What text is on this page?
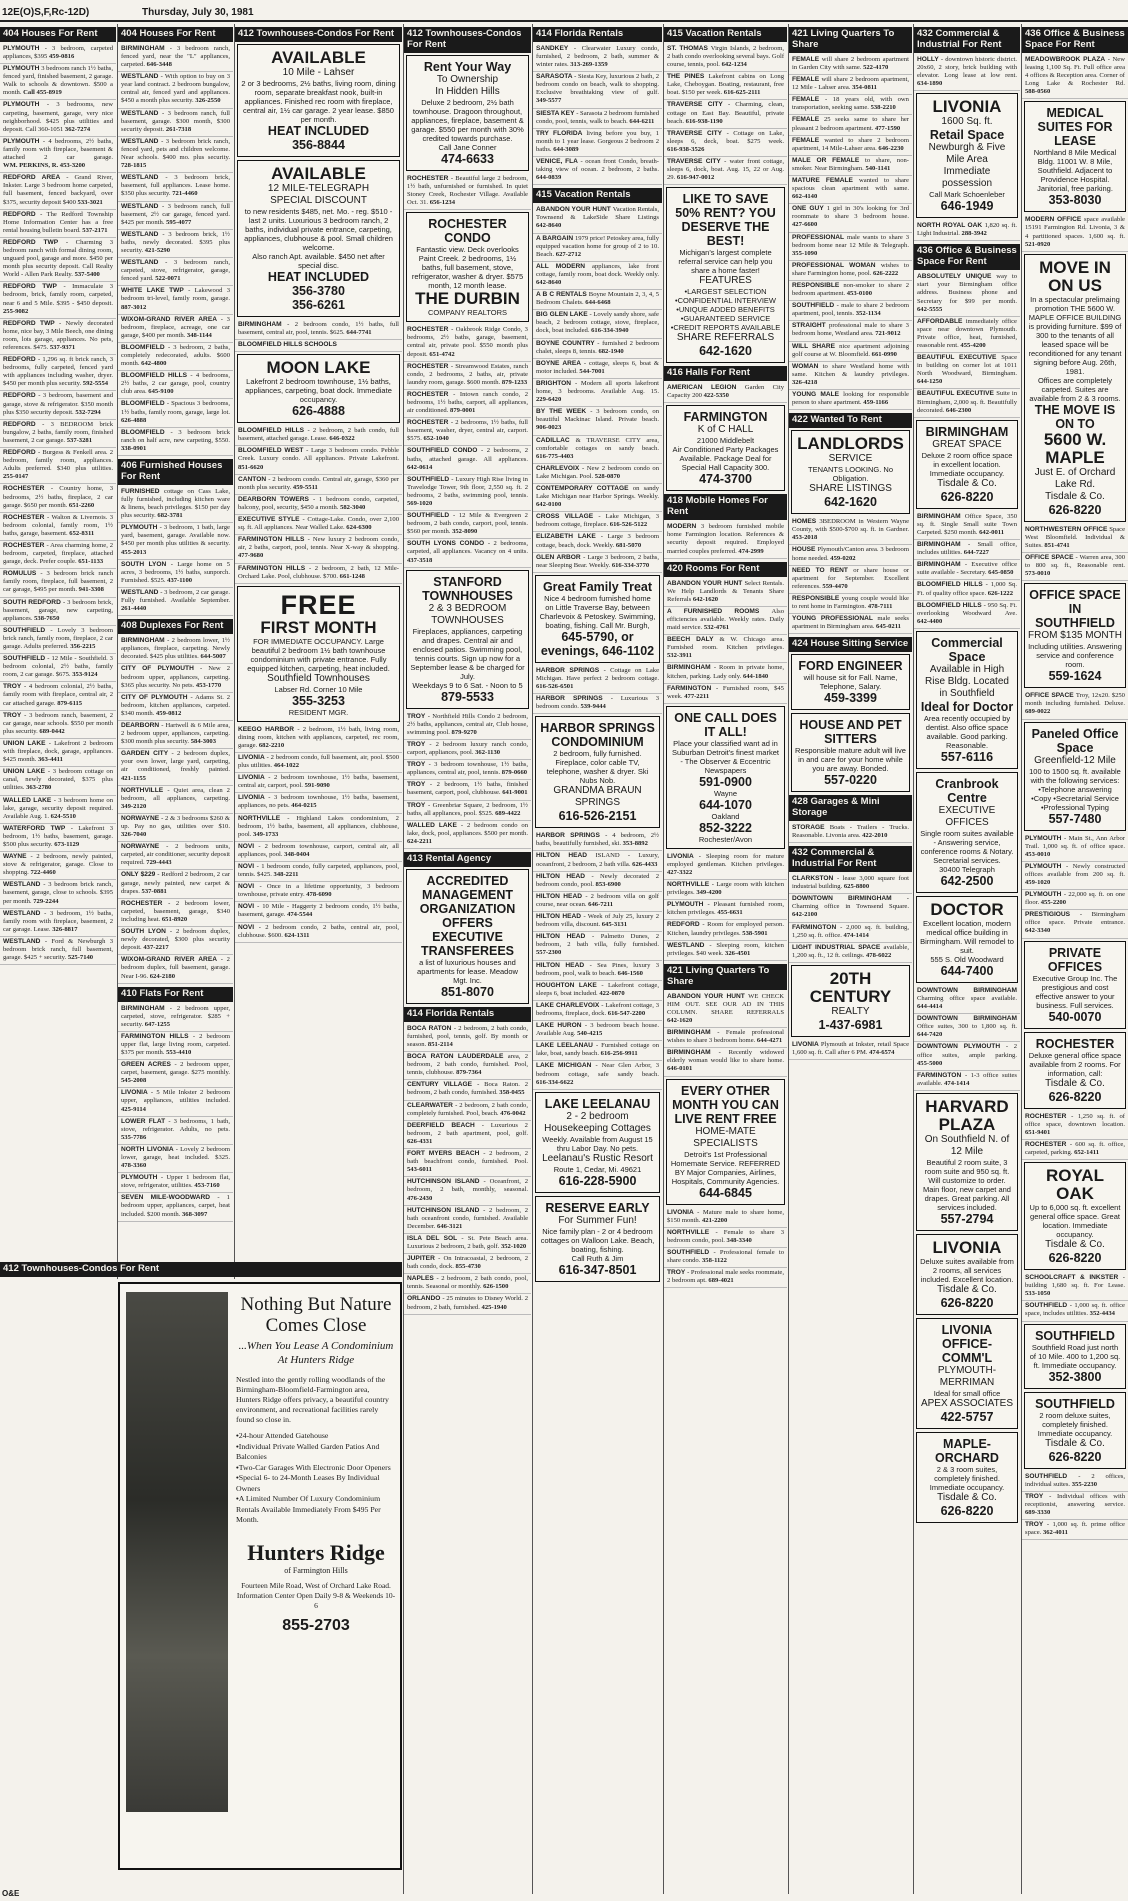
12E(O)S,F,Rc-12D)	Thursday, July 30, 1981
404 Houses For Rent
PLYMOUTH - 3 bedroom, carpeted appliances, $395 459-0816
PLYMOUTH 3 bedroom ranch 1½ baths, fenced yard, finished basement, 2 garage. Walk to schools & downtown. $500 a month. Call 455-8919
PLYMOUTH - 3 bedrooms, new carpeting, basement, garage, very nice neighborhood. $425 plus utilities and deposit. Call 360-1051 362-7274
PLYMOUTH - 4 bedrooms, 2½ baths, family room with fireplace, basement & attached 2 car garage. WM. PERKINS, R. 453-3200
REDFORD AREA - Grand River, Inkster. Large 3 bedroom home carpeted, full basement, fenced backyard, over $375, security deposit $400 533-3021
REDFORD - The Redford Township Home Information Center has a free rental housing bulletin board. 537-2171
REDFORD TWP - Charming 3 bedroom ranch with formal dining room, unguard pool, garage and more. $450 per month plus security deposit. Call Realty World - Allen Park Realty. 537-5400
REDFORD TWP - Immaculate 3 bedroom, brick, family room, carpeted, near 6 and 5 Mile. $395 - $450 deposit. 255-9082
REDFORD TWP - Newly decorated home, nice bay, 3 Mile Beech, one dining room, lots garage, appliances. No pets, references. $475. 537-9371
REDFORD - 1,296 sq. ft brick ranch, 3 bedrooms, fully carpeted, fenced yard with appliances including washer, dryer. $450 per month plus security. 592-5554
REDFORD - 3 bedroom, basement and garage, stove & refrigerator. $350 month plus $350 security deposit. 532-7294
REDFORD - 3 BEDROOM brick bungalow, 2 baths, family room, finished basement, 2 car garage. 537-3281
REDFORD - Burgess & Fenkell area. 2 bedroom, family room, appliances. Adults preferred. $340 plus utilities. 255-0147
ROCHESTER - Country home, 3 bedrooms, 2½ baths, fireplace, 2 car garage. $650 per month. 651-2260
ROCHESTER - Walton & Livernois. 3 bedroom colonial, family room, 1½ baths, garage, basement. 652-8311
ROCHESTER - Area charming home, 2 bedroom, carpeted, fireplace, attached garage, deck. Prefer couple. 651-1133
ROMULUS - 3 bedroom brick ranch family room, fireplace, full basement, 2 car garage, $495 per month. 941-3308
SOUTH REDFORD - 3 bedroom brick, basement, garage, new carpeting, appliances. 538-7650
SOUTHFIELD - Lovely 3 bedroom brick ranch, family room, fireplace, 2 car garage. Adults preferred. 356-2215
SOUTHFIELD - 12 Mile - Southfield. 3 bedroom colonial, 2½ baths, family room, 2 car garage. $675. 353-9124
TROY - 4 bedroom colonial, 2½ baths, family room with fireplace, central air, 2 car attached garage. 879-6115
TROY - 3 bedroom ranch, basement, 2 car garage, near schools. $550 per month plus security. 689-0442
UNION LAKE - Lakefront 2 bedroom with fireplace, dock, garage, appliances. $425 month. 363-4411
UNION LAKE - 3 bedroom cottage on canal, newly decorated, $375 plus utilities. 363-2780
WALLED LAKE - 3 bedroom home on lake, garage, security deposit required. Available Aug. 1. 624-5510
WATERFORD TWP - Lakefront 3 bedroom, 1½ baths, basement, garage. $500 plus security. 673-1129
WAYNE - 2 bedroom, newly painted, stove & refrigerator, garage. Close to shopping. 722-4460
WESTLAND - 3 bedroom brick ranch, basement, garage, close to schools. $395 per month. 729-2244
WESTLAND - 3 bedroom, 1½ baths, family room with fireplace, basement, 2 car garage. Lease. 326-8817
WESTLAND - Ford & Newburgh 3 bedroom brick ranch, full basement, garage. $425 + security. 525-7140
404 Houses For Rent
BIRMINGHAM - 3 bedroom ranch, fenced yard, near the "L" appliances, carpeted. 646-3448
WESTLAND - With option to buy on 3 year land contract. 2 bedroom bungalow, central air, fenced yard and appliances. $450 a month plus security. 326-2550
WESTLAND - 3 bedroom ranch, full basement, garage. $300 month, $300 security deposit. 261-7318
WESTLAND - 3 bedroom brick ranch, fenced yard, pets and children welcome. Near schools. $400 mo. plus security. 728-1815
WESTLAND - 3 bedroom brick, basement, full appliances. Lease home. $350 plus security. 721-4460
WESTLAND - 3 bedroom ranch, full basement, 2½ car garage, fenced yard. $425 per month. 595-4077
WESTLAND - 3 bedroom brick, 1½ baths, newly decorated. $395 plus security. 421-5290
WESTLAND - 3 bedroom ranch, carpeted, stove, refrigerator, garage, fenced yard. 522-0071
WHITE LAKE TWP - Lakewood 3 bedroom tri-level, family room, garage. 887-3012
WIXOM-GRAND RIVER AREA - 3 bedroom, fireplace, acreage, one car garage, $400 per month. 348-1144
BLOOMFIELD - 3 bedroom, 2 baths, completely redecorated, adults. $600 month. 642-4800
BLOOMFIELD HILLS - 4 bedrooms, 2½ baths, 2 car garage, pool, country club area. 645-9100
BLOOMFIELD - Spacious 3 bedrooms, 1½ baths, family room, garage, large lot. 626-4888
BLOOMFIELD - 3 bedroom brick ranch on half acre, new carpeting, $550. 338-0901
406 Furnished Houses For Rent
FURNISHED cottage on Cass Lake, fully furnished, including kitchen ware & linens, beach privileges. $150 per day plus security. 682-3781
PLYMOUTH - 3 bedroom, 1 bath, large yard, basement, garage. Available now. $450 per month plus utilities & security. 455-2013
SOUTH LYON - Large home on 5 acres, 3 bedrooms, 1½ baths, sunporch. Furnished. $525. 437-1100
WESTLAND - 3 bedroom, 2 car garage. Fully furnished. Available September. 261-4440
408 Duplexes For Rent
BIRMINGHAM - 2 bedroom lower, 1½ appliances, fireplace, carpeting. Newly decorated. $425 plus utilities. 644-5007
CITY OF PLYMOUTH - New 2 bedroom upper, appliances, carpeting. $365 plus security. No pets. 453-1770
CITY OF PLYMOUTH - Adams St. 2 bedroom, kitchen appliances, carpeted. $340 month. 459-0812
DEARBORN - Hartwell & 6 Mile area, 2 bedroom upper, appliances, carpeting. $300 month plus security. 584-3003
GARDEN CITY - 2 bedroom duplex, your own lower, large yard, carpeting, air conditioned, freshly painted. 421-1155
NORTHVILLE - Quiet area, clean 2 bedroom, all appliances, carpeting. 349-2120
NORWAYNE - 2 & 3 bedrooms $260 & up. Pay no gas, utilities over $10. 326-7040
NORWAYNE - 2 bedroom units, carpeted, air conditioner, security deposit required. 729-4443
ONLY $229 - Redford 2 bedroom, 2 car garage, newly painted, new carpet & drapes. 537-0881
ROCHESTER - 2 bedroom lower, carpeted, basement, garage, $340 including heat. 651-8920
SOUTH LYON - 2 bedroom duplex, newly decorated, $300 plus security deposit. 437-2217
WIXOM-GRAND RIVER AREA - 2 bedroom duplex, full basement, garage. Near I-96. 624-2180
410 Flats For Rent
BIRMINGHAM - 2 bedroom upper, carpeted, stove, refrigerator. $285 + security. 647-1255
FARMINGTON HILLS - 2 bedroom upper flat, large living room, carpeted. $375 per month. 553-4410
GREEN ACRES - 2 bedroom upper, carpet, basement, garage. $275 monthly. 545-2008
LIVONIA - 5 Mile Inkster 2 bedroom upper, appliances, utilities included. 425-9114
LOWER FLAT - 3 bedrooms, 1 bath, stove, refrigerator. Adults, no pets. 535-7786
NORTH LIVONIA - Lovely 2 bedroom lower, garage, heat included. $325. 478-3360
PLYMOUTH - Upper 1 bedroom flat, stove, refrigerator, utilities. 453-7160
SEVEN MILE-WOODWARD - 1 bedroom upper, appliances, carpet, heat included. $200 month. 368-3097
412 Townhouses-Condos For Rent
AVAILABLE
10 Mile - Lahser
2 or 3 bedrooms, 2½ baths, living room, dining room, separate breakfast nook, built-in appliances. Finished rec room with fireplace, central air, 1½ car garage. 2 year lease. $850 per month.
HEAT INCLUDED
356-8844
AVAILABLE
12 MILE-TELEGRAPH
SPECIAL DISCOUNT
to new residents $485, net. Mo. - reg. $510 - last 2 units. Luxurious 3 bedroom ranch, 2 baths, individual private entrance, carpeting, appliances, clubhouse & pool. Small children welcome.
Also ranch Apt. available. $450 net after special disc.
HEAT INCLUDED
356-3780
356-6261
BIRMINGHAM - 2 bedroom condo, 1½ baths, full basement, central air, pool, tennis. $625. 644-7741
BLOOMFIELD HILLS SCHOOLS
MOON LAKE
Lakefront 2 bedroom townhouse, 1½ baths, appliances, carpeting, boat dock. Immediate occupancy.
626-4888
BLOOMFIELD HILLS - 2 bedroom, 2 bath condo, full basement, attached garage. Lease. 646-0322
BLOOMFIELD WEST - Large 3 bedroom condo. Pebble Creek. Luxury condo. All appliances. Private Lakefront. 851-6620
CANTON - 2 bedroom condo. Central air, garage, $360 per month plus security. 459-5511
DEARBORN TOWERS - 1 bedroom condo, carpeted, balcony, pool, security, $450 a month. 582-3040
EXECUTIVE STYLE - Cottage-Lake. Condo, over 2,100 sq. ft. All appliances. Near Walled Lake. 624-6300
FARMINGTON HILLS - New luxury 2 bedroom condo, air, 2 baths, carport, pool, tennis. Near X-way & shopping. 477-9680
FARMINGTON HILLS - 2 bedroom, 2 bath, 12 Mile-Orchard Lake. Pool, clubhouse. $700. 661-1248
FREE
FIRST MONTH
FOR IMMEDIATE OCCUPANCY. Large beautiful 2 bedroom 1½ bath townhouse condominium with private entrance. Fully equipped kitchen, carpeting, heat included.
Southfield Townhouses
Labser Rd. Corner 10 Mile
355-3253
RESIDENT MGR.
KEEGO HARBOR - 2 bedroom, 1½ bath, living room, dining room, kitchen with appliances, carpeted, rec room, garage. 682-2210
LIVONIA - 2 bedroom condo, full basement, air, pool. $500 plus utilities. 464-1022
LIVONIA - 2 bedroom townhouse, 1½ baths, basement, central air, carport, pool. 591-9090
LIVONIA - 3 bedroom townhouse, 1½ baths, basement, appliances, no pets. 464-0215
NORTHVILLE - Highland Lakes condominium, 2 bedroom, 1½ baths, basement, all appliances, clubhouse, pool. 349-1733
NOVI - 2 bedroom townhouse, carport, central air, all appliances, pool. 348-0404
NOVI - 1 bedroom condo, fully carpeted, appliances, pool, tennis. $425. 348-2211
NOVI - Once in a lifetime opportunity, 3 bedroom townhouse, private entry. 478-6090
NOVI - 10 Mile - Haggerty 2 bedroom condo, 1½ baths, basement, garage. 474-5544
NOVI - 2 bedroom condo, 2 baths, central air, pool, clubhouse. $600. 624-1311
412 Townhouses-Condos For Rent
Rent Your Way
To Ownership
In Hidden Hills
Deluxe 2 bedroom, 2½ bath townhouse. Dragoon throughout, appliances, fireplace, basement & garage. $550 per month with 30% credited towards purchase.
Call Jane Conner
474-6633
ROCHESTER - Beautiful large 2 bedroom, 1½ bath, unfurnished or furnished. In quiet Stoney Creek, Rochester Village. Available Oct. 31. 656-1234
ROCHESTER CONDO
Fantastic view. Deck overlooks Paint Creek. 2 bedrooms, 1½ baths, full basement, stove, refrigerator, washer & dryer. $575 month, 12 month lease.
THE DURBIN
COMPANY REALTORS
ROCHESTER - Oakbrook Ridge Condo, 3 bedrooms, 2½ baths, garage, basement, central air, private pool. $550 month plus deposit. 651-4742
ROCHESTER - Streamwood Estates, ranch condo, 2 bedrooms, 2 baths, air, private laundry room, garage. $600 month. 879-1233
ROCHESTER - Intown ranch condo, 2 bedrooms, 1½ baths, carport, all appliances, air conditioned. 879-0001
ROCHESTER - 2 bedrooms, 1½ baths, full basement, washer, dryer, central air, carport. $575. 652-1040
SOUTHFIELD CONDO - 2 bedrooms, 2 baths, attached garage. All appliances. 642-0614
SOUTHFIELD - Luxury High Rise living in Travelodge Tower, 9th floor, 2,550 sq. ft. 2 bedrooms, 2 baths, swimming pool, tennis. 569-1020
SOUTHFIELD - 12 Mile & Evergreen 2 bedroom, 2 bath condo, carport, pool, tennis. $560 per month. 352-8090
SOUTH LYONS CONDO - 2 bedrooms, carpeted, all appliances. Vacancy on 4 units. 437-3518
STANFORD TOWNHOUSES
2 & 3 BEDROOM TOWNHOUSES
Fireplaces, appliances, carpeting and drapes. Central air and enclosed patios. Swimming pool, tennis courts. Sign up now for a September lease & be charged for July.
Weekdays 9 to 6 Sat. - Noon to 5
879-5533
TROY - Northfield Hills Condo 2 bedroom, 2½ baths, appliances, central air, Club house, swimming pool. 879-9270
TROY - 2 bedroom luxury ranch condo, carport, appliances, pool. 362-1130
TROY - 3 bedroom townhouse, 1½ baths, appliances, central air, pool, tennis. 879-0660
TROY - 2 bedroom, 1½ baths, finished basement, carport, pool, clubhouse. 641-9001
TROY - Greenbriar Square, 2 bedroom, 1½ baths, all appliances, pool. $525. 689-4422
WALLED LAKE - 2 bedroom condo on lake, dock, pool, appliances. $500 per month. 624-2211
413 Rental Agency
ACCREDITED MANAGEMENT ORGANIZATION OFFERS EXECUTIVE TRANSFEREES
a list of luxurious houses and apartments for lease. Meadow Mgt. Inc.
851-8070
414 Florida Rentals
BOCA RATON - 2 bedroom, 2 bath condo, furnished, pool, tennis, golf. By month or season. 851-2114
BOCA RATON LAUDERDALE area, 2 bedroom, 2 bath condo, furnished. Pool, tennis, clubhouse. 879-7364
CENTURY VILLAGE - Boca Raton. 2 bedroom, 2 bath condo, furnished. 358-0455
CLEARWATER - 2 bedroom, 2 bath condo, completely furnished. Pool, beach. 476-0042
DEERFIELD BEACH - Luxurious 2 bedroom, 2 bath apartment, pool, golf. 626-4331
FORT MYERS BEACH - 2 bedroom, 2 bath beachfront condo, furnished. Pool. 543-6011
HUTCHINSON ISLAND - Oceanfront, 2 bedroom, 2 bath, monthly, seasonal. 476-2430
HUTCHINSON ISLAND - 2 bedroom, 2 bath oceanfront condo, furnished. Available December. 646-3121
ISLA DEL SOL - St. Pete Beach area. Luxurious 2 bedroom, 2 bath, golf. 352-1020
JUPITER - On Intracoastal, 2 bedroom, 2 bath condo, dock. 855-4730
NAPLES - 2 bedroom, 2 bath condo, pool, tennis. Seasonal or monthly. 626-1500
ORLANDO - 25 minutes to Disney World. 2 bedroom, 2 bath, furnished. 425-1940
414 Florida Rentals
SANDKEY - Clearwater Luxury condo, furnished, 2 bedroom, 2 bath, summer & winter rates. 313-269-1359
SARASOTA - Siesta Key, luxurious 2 bath, 2 bedroom condo on beach, walk to shopping. Exclusive breathtaking view of gulf. 349-5577
SIESTA KEY - Sarasota 2 bedroom furnished condo, pool, tennis, walk to beach. 644-6211
TRY FLORIDA living before you buy, 1 month to 1 year lease. Gorgeous 2 bedroom 2 baths. 644-3089
VENICE, FLA - ocean front Condo, breath-taking view of ocean. 2 bedroom, 2 baths. 644-0839
415 Vacation Rentals
ABANDON YOUR HUNT Vacation Rentals, Townsend & LakeSide Share Listings 642-8640
A BARGAIN 1979 price! Petoskey area, fully equipped vacation home for group of 2 to 10. Beach. 627-2712
ALL MODERN appliances, lake front cottage, family room, boat dock. Weekly only. 642-8640
A B C RENTALS Boyne Mountain 2, 3, 4, 5 Bedroom Chalets. 644-6468
BIG GLEN LAKE - Lovely sandy shore, safe beach, 2 bedroom cottage, stove, fireplace, dock, boat included. 616-334-3940
BOYNE COUNTRY - furnished 2 bedroom chalet, sleeps 8, tennis. 682-1940
BOYNE AREA - cottage, sleeps 6, boat & motor included. 544-7001
BRIGHTON - Modern all sports lakefront home, 3 bedrooms. Available Aug. 15. 229-6420
BY THE WEEK - 3 bedroom condo, on beautiful Mackinac Island. Private beach. 906-0023
CADILLAC & TRAVERSE CITY area, comfortable cottages on sandy beach. 616-775-4403
CHARLEVOIX - New 2 bedroom condo on Lake Michigan. Pool. 528-0870
CONTEMPORARY COTTAGE on sandy Lake Michigan near Harbor Springs. Weekly. 642-0100
CROSS VILLAGE - Lake Michigan, 3 bedroom cottage, fireplace. 616-526-5122
ELIZABETH LAKE - Large 3 bedroom cottage, beach, dock. Weekly. 681-5070
GLEN ARBOR - Large 3 bedroom, 2 baths, near Sleeping Bear. Weekly. 616-334-3770
Great Family Treat
Nice 4 bedroom furnished home on Little Traverse Bay, between Charlevoix & Petoskey. Swimming, boating, fishing. Call Mr. Burgh,
645-5790, or evenings, 646-1102
HARBOR SPRINGS - Cottage on Lake Michigan. Have perfect 2 bedroom cottage. 616-526-6501
HARBOR SPRINGS - Luxurious 3 bedroom condo. 539-9444
HARBOR SPRINGS CONDOMINIUM
2 bedroom, fully furnished. Fireplace, color cable TV, telephone, washer & dryer. Ski Nubs Nob.
GRANDMA BRAUN SPRINGS
616-526-2151
HARBOR SPRINGS - 4 bedroom, 2½ baths, beautifully furnished, ski. 353-8892
HILTON HEAD ISLAND - Luxury, oceanfront, 2 bedroom, 2 bath villa. 626-4433
HILTON HEAD - Newly decorated 2 bedroom condo, pool. 853-6900
HILTON HEAD - 2 bedroom villa on golf course, near ocean. 646-7211
HILTON HEAD - Week of July 25, luxury 2 bedroom villa, discount. 645-3131
HILTON HEAD - Palmetto Dunes, 2 bedroom, 2 bath villa, fully furnished. 557-2300
HILTON HEAD - Sea Pines, luxury 3 bedroom, pool, walk to beach. 646-1560
HOUGHTON LAKE - Lakefront cottage, sleeps 6, boat included. 422-0870
LAKE CHARLEVOIX - Lakefront cottage, 3 bedrooms, fireplace, dock. 616-547-2200
LAKE HURON - 3 bedroom beach house. Available Aug. 540-4215
LAKE LEELANAU - Furnished cottage on lake, boat, sandy beach. 616-256-9911
LAKE MICHIGAN - Near Glen Arbor, 3 bedroom cottage, safe sandy beach. 616-334-6622
LAKE LEELANAU
2 - 2 bedroom Housekeeping Cottages
Weekly. Available from August 15 thru Labor Day. No pets.
Leelanau's Rustic Resort
Route 1, Cedar, Mi. 49621
616-228-5900
RESERVE EARLY
For Summer Fun!
Nice family plan - 2 or 4 bedroom cottages on Walloon Lake. Beach, boating, fishing.
Call Ruth & Jim
616-347-8501
415 Vacation Rentals
ST. THOMAS Virgin Islands, 2 bedroom, 2 bath condo overlooking several bays. Golf course, tennis, pool. 642-1234
THE PINES Lakefront cabins on Long Lake, Cheboygan. Boating, restaurant, free boat. $150 per week. 616-625-2111
TRAVERSE CITY - Charming, clean, cottage on East Bay. Beautiful, private beach. 616-938-1190
TRAVERSE CITY - Cottage on Lake, sleeps 6, deck, boat. $275 week. 616-938-3526
TRAVERSE CITY - water front cottage, sleeps 6, dock, boat. Aug. 15, 22 or Aug. 29. 616-947-0012
LIKE TO SAVE 50% RENT? YOU DESERVE THE BEST!
Michigan's largest complete referral service can help you share a home faster!
FEATURES
•LARGEST SELECTION
•CONFIDENTIAL INTERVIEW
•UNIQUE ADDED BENEFITS
•GUARANTEED SERVICE
•CREDIT REPORTS AVAILABLE
SHARE REFERRALS
642-1620
416 Halls For Rent
AMERICAN LEGION Garden City Capacity 200 422-5350
FARMINGTON
K of C HALL
21000 Middlebelt
Air Conditioned Party Packages Available. Package Deal for Special Hall Capacity 300.
474-3700
418 Mobile Homes For Rent
MODERN 3 bedroom furnished mobile home Farmington location. References & security deposit required. Employed married couples preferred. 474-2999
420 Rooms For Rent
ABANDON YOUR HUNT Select Rentals. We Help Landlords & Tenants Share Referrals 642-1620
A FURNISHED ROOMS Also efficiencies available. Weekly rates. Daily maid service. 532-4761
BEECH DALY & W. Chicago area. Furnished room. Kitchen privileges. 532-3911
BIRMINGHAM - Room in private home, kitchen, parking. Lady only. 644-1840
FARMINGTON - Furnished room, $45 week. 477-2211
ONE CALL DOES IT ALL!
Place your classified want ad in Suburban Detroit's finest market - The Observer & Eccentric Newspapers
591-0900
Wayne
644-1070
Oakland
852-3222
Rochester/Avon
LIVONIA - Sleeping room for mature employed gentleman. Kitchen privileges. 427-3322
NORTHVILLE - Large room with kitchen privileges. 349-4200
PLYMOUTH - Pleasant furnished room, kitchen privileges. 455-6631
REDFORD - Room for employed person. Kitchen, laundry privileges. 538-5901
WESTLAND - Sleeping room, kitchen privileges. $40 week. 326-4501
421 Living Quarters To Share
ABANDON YOUR HUNT WE CHECK HIM OUT. SEE OUR AD IN THIS COLUMN. SHARE REFERRALS 642-1620
BIRMINGHAM - Female professional wishes to share 3 bedroom home. 644-4271
BIRMINGHAM - Recently widowed elderly woman would like to share home. 646-0101
EVERY OTHER MONTH YOU CAN LIVE RENT FREE
HOME-MATE SPECIALISTS
Detroit's 1st Professional Homemate Service. REFERRED BY Major Companies, Airlines, Hospitals, Community Agencies.
644-6845
LIVONIA - Mature male to share home, $150 month. 421-2200
NORTHVILLE - Female to share 3 bedroom condo, pool. 348-3340
SOUTHFIELD - Professional female to share condo. 358-1122
TROY - Professional male seeks roommate, 2 bedroom apt. 689-4021
421 Living Quarters To Share
FEMALE will share 2 bedroom apartment in Garden City with same. 522-4170
FEMALE will share 2 bedroom apartment, 12 Mile - Lahser area. 354-0811
FEMALE - 18 years old, with own transportation, seeking same. 538-2210
FEMALE 25 seeks same to share her pleasant 2 bedroom apartment. 477-1590
FEMALE wanted to share 2 bedroom apartment, 14 Mile-Lahser area. 646-2230
MALE OR FEMALE to share, non-smoker. Near Birmingham. 540-1141
MATURE FEMALE wanted to share spacious clean apartment with same. 662-4140
ONE GUY 1 girl in 30's looking for 3rd roommate to share 3 bedroom house. 427-6600
PROFESSIONAL male wants to share 3 bedroom home near 12 Mile & Telegraph. 355-1090
PROFESSIONAL WOMAN wishes to share Farmington home, pool. 626-2222
RESPONSIBLE non-smoker to share 2 bedroom apartment. 453-0100
SOUTHFIELD - male to share 2 bedroom apartment, pool, tennis. 352-1134
STRAIGHT professional male to share 3 bedroom home, Westland area. 721-9012
WILL SHARE nice apartment adjoining golf course at W. Bloomfield. 661-0990
WOMAN to share Westland home with same. Kitchen & laundry privileges. 326-4218
YOUNG MALE looking for responsible person to share apartment. 459-1166
422 Wanted To Rent
LANDLORDS
SERVICE
TENANTS LOOKING. No Obligation.
SHARE LISTINGS
642-1620
HOMES 3BEDROOM in Western Wayne County, with $500-$700 sq. ft. in Gardner. 453-2018
HOUSE Plymouth/Canton area. 3 bedroom home needed. 459-0202
NEED TO RENT or share house or apartment for September. Excellent references. 559-4470
RESPONSIBLE young couple would like to rent home in Farmington. 478-7111
YOUNG PROFESSIONAL male seeks apartment in Birmingham area. 645-0211
424 House Sitting Service
FORD ENGINEER
will house sit for Fall. Name, Telephone, Salary.
459-3399
HOUSE AND PET SITTERS
Responsible mature adult will live in and care for your home while you are away. Bonded.
557-0220
428 Garages & Mini Storage
STORAGE Boats - Trailers - Trucks. Reasonable. Livonia area. 422-2010
432 Commercial & Industrial For Rent
CLARKSTON - lease 3,000 square foot industrial building. 625-8800
DOWNTOWN BIRMINGHAM - Charming office in Townsend Square. 642-2100
FARMINGTON - 2,000 sq. ft. building, 1,250 sq. ft. office. 474-1414
LIGHT INDUSTRIAL SPACE available, 1,200 sq. ft., 12 ft. ceilings. 478-6022
20TH CENTURY
REALTY
1-437-6981
LIVONIA Plymouth at Inkster, retail Space 1,600 sq. ft. Call after 6 PM. 474-6574
432 Commercial & Industrial For Rent
HOLLY - downtown historic district. 20x60, 2 story, brick building with elevator. Long lease at low rent. 634-1890
LIVONIA
1600 Sq. ft.
Retail Space
Newburgh & Five Mile Area
Immediate possession
Call Mark Schoenleber
646-1949
NORTH ROYAL OAK 1,820 sq. ft. Light Industrial. 288-3942
436 Office & Business Space For Rent
ABSOLUTELY UNIQUE way to start your Birmingham office address. Business phone and Secretary for $99 per month. 642-5555
AFFORDABLE immediately office space near downtown Plymouth. Private office, heat, furnished, reasonable rent. 455-4200
BEAUTIFUL EXECUTIVE Space in building on corner lot at 1011 North Woodward, Birmingham. 644-1250
BEAUTIFUL EXECUTIVE Suite in Birmingham, 2,000 sq. ft. Beautifully decorated. 646-2300
BIRMINGHAM
GREAT SPACE
Deluxe 2 room office space in excellent location. Immediate occupancy.
Tisdale & Co.
626-8220
BIRMINGHAM Office Space, 350 sq. ft. Single Small suite Town Carpeted. $250 month. 642-0011
BIRMINGHAM - Small office, includes utilities. 644-7227
BIRMINGHAM - Executive office suite available - Secretary. 645-0850
BLOOMFIELD HILLS - 1,000 Sq. Ft. of quality office space. 626-1222
BLOOMFIELD HILLS - 950 Sq. Ft. overlooking Woodward Ave. 642-4400
Commercial Space
Available in High Rise Bldg. Located in Southfield
Ideal for Doctor
Area recently occupied by dentist. Also office space available. Good parking. Reasonable.
557-6116
Cranbrook Centre
EXECUTIVE OFFICES
Single room suites available - Answering service, conference rooms & Notary. Secretarial services.
30400 Telegraph
642-2500
DOCTOR
Excellent location, modern medical office building in Birmingham. Will remodel to suit.
555 S. Old Woodward
644-7400
DOWNTOWN BIRMINGHAM Charming office space available. 644-4414
DOWNTOWN BIRMINGHAM Office suites, 300 to 1,800 sq. ft. 644-7420
DOWNTOWN PLYMOUTH - 2 office suites, ample parking. 455-5000
FARMINGTON - 1-3 office suites available. 474-1414
HARVARD PLAZA
On Southfield N. of 12 Mile
Beautiful 2 room suite, 3 room suite and 950 sq. ft. Will customize to order. Main floor, new carpet and drapes. Great parking. All services included.
557-2794
LIVONIA
Deluxe suites available from 2 rooms, all services included. Excellent location.
Tisdale & Co.
626-8220
LIVONIA OFFICE-COMM'L
PLYMOUTH-MERRIMAN
Ideal for small office
APEX ASSOCIATES
422-5757
MAPLE-ORCHARD
2 & 3 room suites, completely finished. Immediate occupancy.
Tisdale & Co.
626-8220
436 Office & Business Space For Rent
MEADOWBROOK PLAZA - New leasing 1,100 Sq. Ft. Full office area 4 offices & Reception area. Corner of Long Lake & Rochester Rd. 588-0560
MEDICAL SUITES FOR LEASE
Northland 8 Mile Medical Bldg. 11001 W. 8 Mile, Southfield. Adjacent to Providence Hospital. Janitorial, free parking.
353-8030
MODERN OFFICE space available 15191 Farmington Rd. Livonia, 3 & 4 partitioned spaces. 1,600 sq. ft. 521-0920
MOVE IN ON US
In a spectacular prelimaing promotion THE 5600 W. MAPLE OFFICE BUILDING is providing furniture. $99 of 300 to the tenants of all leased space will be reconditioned for any tenant signing before Aug. 26th, 1981.
Offices are completely carpeted. Suites are available from 2 & 3 rooms.
THE MOVE IS ON TO
5600 W. MAPLE
Just E. of Orchard Lake Rd.
Tisdale & Co.
626-8220
NORTHWESTERN OFFICE Space West Bloomfield. Individual & Suites. 851-4741
OFFICE SPACE - Warren area, 300 to 800 sq. ft., Reasonable rent. 573-0010
OFFICE SPACE IN SOUTHFIELD
FROM $135 MONTH
Including utilities. Answering service and conference room.
559-1624
OFFICE SPACE Troy, 12x20. $250 month including furnished. Deluxe. 689-0022
Paneled Office Space
Greenfield-12 Mile
100 to 1500 sq. ft. available with the following services: •Telephone answering •Copy •Secretarial Service •Professional Typing
557-7480
PLYMOUTH - Main St., Ann Arbor Trail. 1,000 sq. ft. of office space. 453-0010
PLYMOUTH - Newly constructed offices available from 200 sq. ft. 459-1020
PLYMOUTH - 22,000 sq. ft. on one floor. 455-2200
PRESTIGIOUS - Birmingham office space. Private entrance. 642-3340
PRIVATE OFFICES
Executive Group Inc. The prestigious and cost effective answer to your business. Full services.
540-0070
ROCHESTER
Deluxe general office space available from 2 rooms. For information, call:
Tisdale & Co.
626-8220
ROCHESTER - 1,250 sq. ft. of office space, downtown location. 651-9401
ROCHESTER - 600 sq. ft. office, carpeted, parking. 652-1411
ROYAL OAK
Up to 6,000 sq. ft. excellent general office space. Great location. Immediate occupancy.
Tisdale & Co.
626-8220
SCHOOLCRAFT & INKSTER - building 1,680 sq. ft. For Lease. 533-1050
SOUTHFIELD - 1,000 sq. ft. office space, includes utilities. 352-4434
SOUTHFIELD
Southfield Road just north of 10 Mile. 400 to 1,200 sq. ft. Immediate occupancy.
352-3800
SOUTHFIELD
2 room deluxe suites, completely finished. Immediate occupancy.
Tisdale & Co.
626-8220
SOUTHFIELD - 2 offices, individual suites. 355-2230
TROY - Individual offices with receptionist, answering service. 689-3330
TROY - 1,000 sq. ft. prime office space. 362-4011
412 Townhouses-Condos For Rent
Nothing But Nature Comes Close
...When You Lease A Condominium At Hunters Ridge
Nestled into the gently rolling woodlands of the Birmingham-Bloomfield-Farmington area, Hunters Ridge offers privacy, a beautiful country environment, and recreational facilities rarely found so close in.
• 24-hour Attended Gatehouse
• Individual Private Walled Garden Patios And Balconies
• Two-Car Garages With Electronic Door Openers
• Special 6- to 24-Month Leases By Individual Owners
• A Limited Number Of Luxury Condominium Rentals Available Immediately From $495 Per Month.
Hunters Ridge
of Farmington Hills
Fourteen Mile Road, West of Orchard Lake Road. Information Center Open Daily 9-8 & Weekends 10-6
855-2703
O&E
